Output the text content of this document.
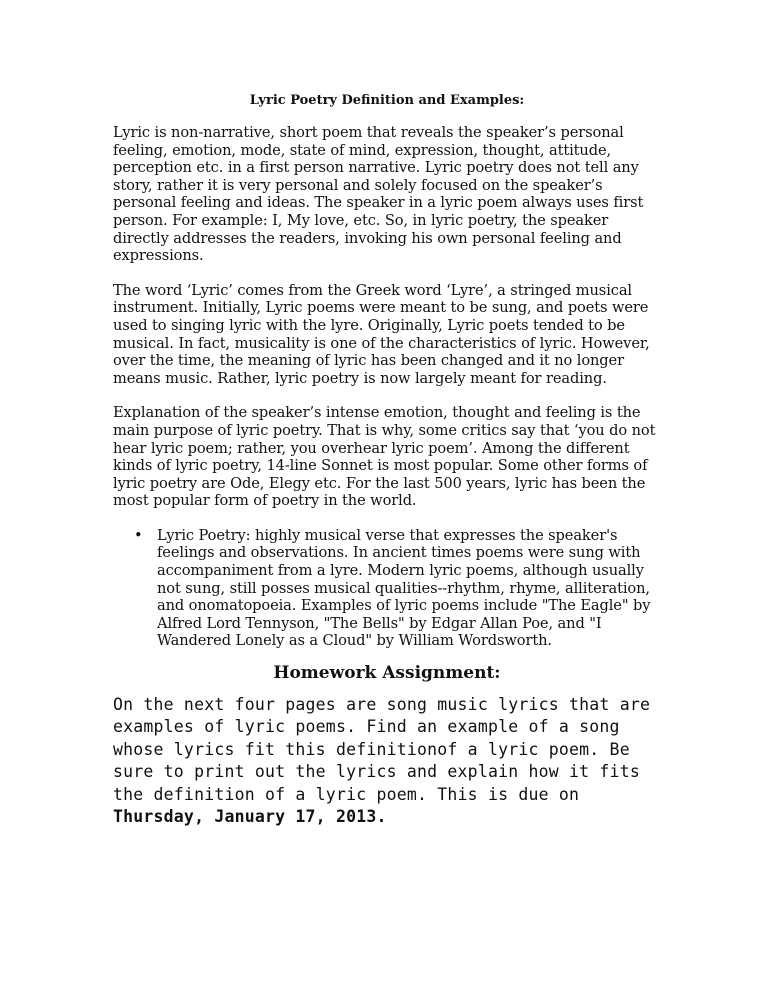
Lyric Poetry Definition and Examples:

Lyric is non-narrative, short poem that reveals the speaker’s personal feeling, emotion, mode, state of mind, expression, thought, attitude, perception etc. in a first person narrative. Lyric poetry does not tell any story, rather it is very personal and solely focused on the speaker’s personal feeling and ideas. The speaker in a lyric poem always uses first person. For example: I, My love, etc. So, in lyric poetry, the speaker directly addresses the readers, invoking his own personal feeling and expressions.

The word ‘Lyric’ comes from the Greek word ‘Lyre’, a stringed musical instrument. Initially, Lyric poems were meant to be sung, and poets were used to singing lyric with the lyre. Originally, Lyric poets tended to be musical. In fact, musicality is one of the characteristics of lyric. However, over the time, the meaning of lyric has been changed and it no longer means music. Rather, lyric poetry is now largely meant for reading.

Explanation of the speaker’s intense emotion, thought and feeling is the main purpose of lyric poetry. That is why, some critics say that ‘you do not hear lyric poem; rather, you overhear lyric poem’. Among the different kinds of lyric poetry, 14-line Sonnet is most popular. Some other forms of lyric poetry are Ode, Elegy etc. For the last 500 years, lyric has been the most popular form of poetry in the world.

• Lyric Poetry: highly musical verse that expresses the speaker's feelings and observations. In ancient times poems were sung with accompaniment from a lyre. Modern lyric poems, although usually not sung, still posses musical qualities--rhythm, rhyme, alliteration, and onomatopoeia. Examples of lyric poems include "The Eagle" by Alfred Lord Tennyson, "The Bells" by Edgar Allan Poe, and "I Wandered Lonely as a Cloud" by William Wordsworth.
Homework Assignment:

On the next four pages are song music lyrics that are examples of lyric poems. Find an example of a song whose lyrics fit this definitionof a lyric poem. Be sure to print out the lyrics and explain how it fits the definition of a lyric poem. This is due on Thursday, January 17, 2013.
